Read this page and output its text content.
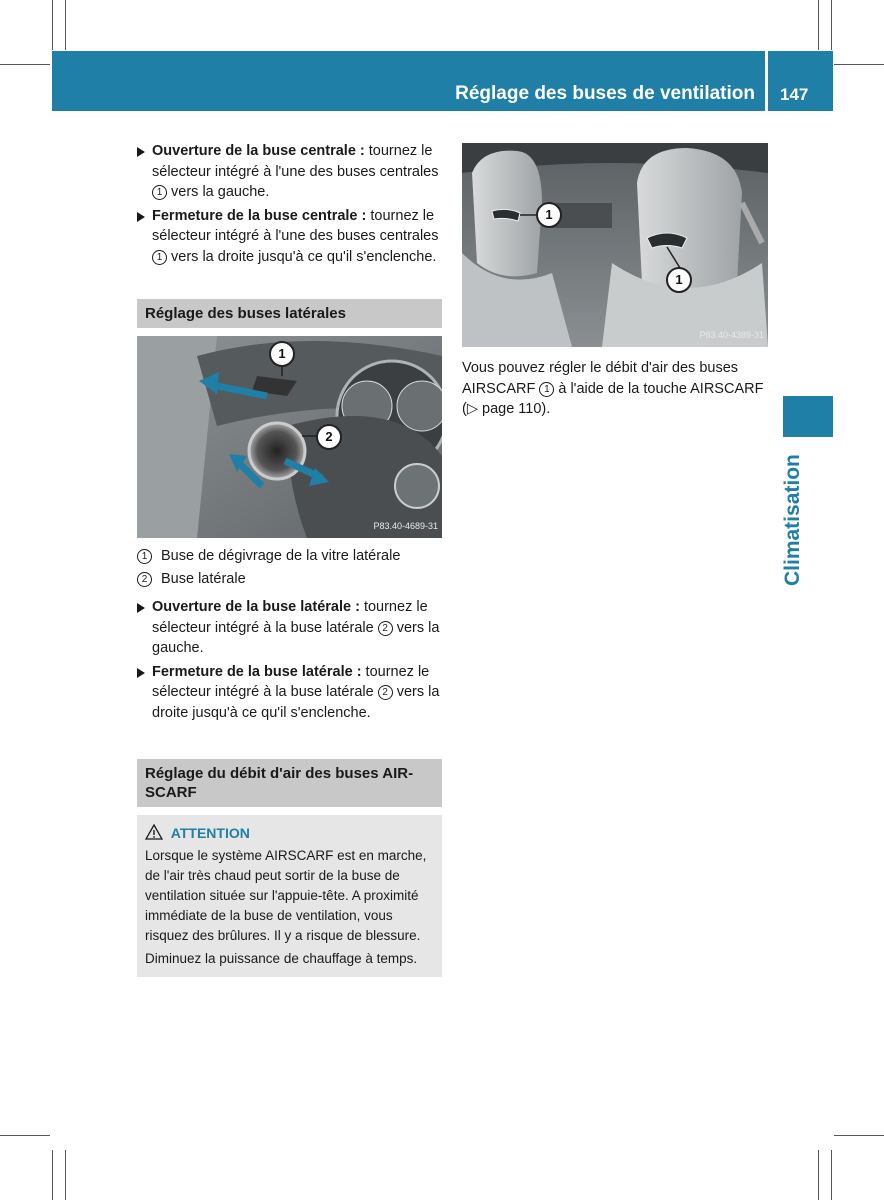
Réglage des buses de ventilation 147
Climatisation
Ouverture de la buse centrale : tournez le sélecteur intégré à l'une des buses centrales 1 vers la gauche.
Fermeture de la buse centrale : tournez le sélecteur intégré à l'une des buses centrales 1 vers la droite jusqu'à ce qu'il s'enclenche.
Réglage des buses latérales
1
2
P83.40-4689-31
1 Buse de dégivrage de la vitre latérale
2 Buse latérale
Ouverture de la buse latérale : tournez le sélecteur intégré à la buse latérale 2 vers la gauche.
Fermeture de la buse latérale : tournez le sélecteur intégré à la buse latérale 2 vers la droite jusqu'à ce qu'il s'enclenche.
Réglage du débit d'air des buses AIRSCARF
ATTENTION

Lorsque le système AIRSCARF est en marche, de l'air très chaud peut sortir de la buse de ventilation située sur l'appuie-tête. A proximité immédiate de la buse de ventilation, vous risquez des brûlures. Il y a risque de blessure.

Diminuez la puissance de chauffage à temps.

1
1
P83.40-4389-31

Vous pouvez régler le débit d'air des buses AIRSCARF 1 à l'aide de la touche AIRSCARF (▷ page 110).
